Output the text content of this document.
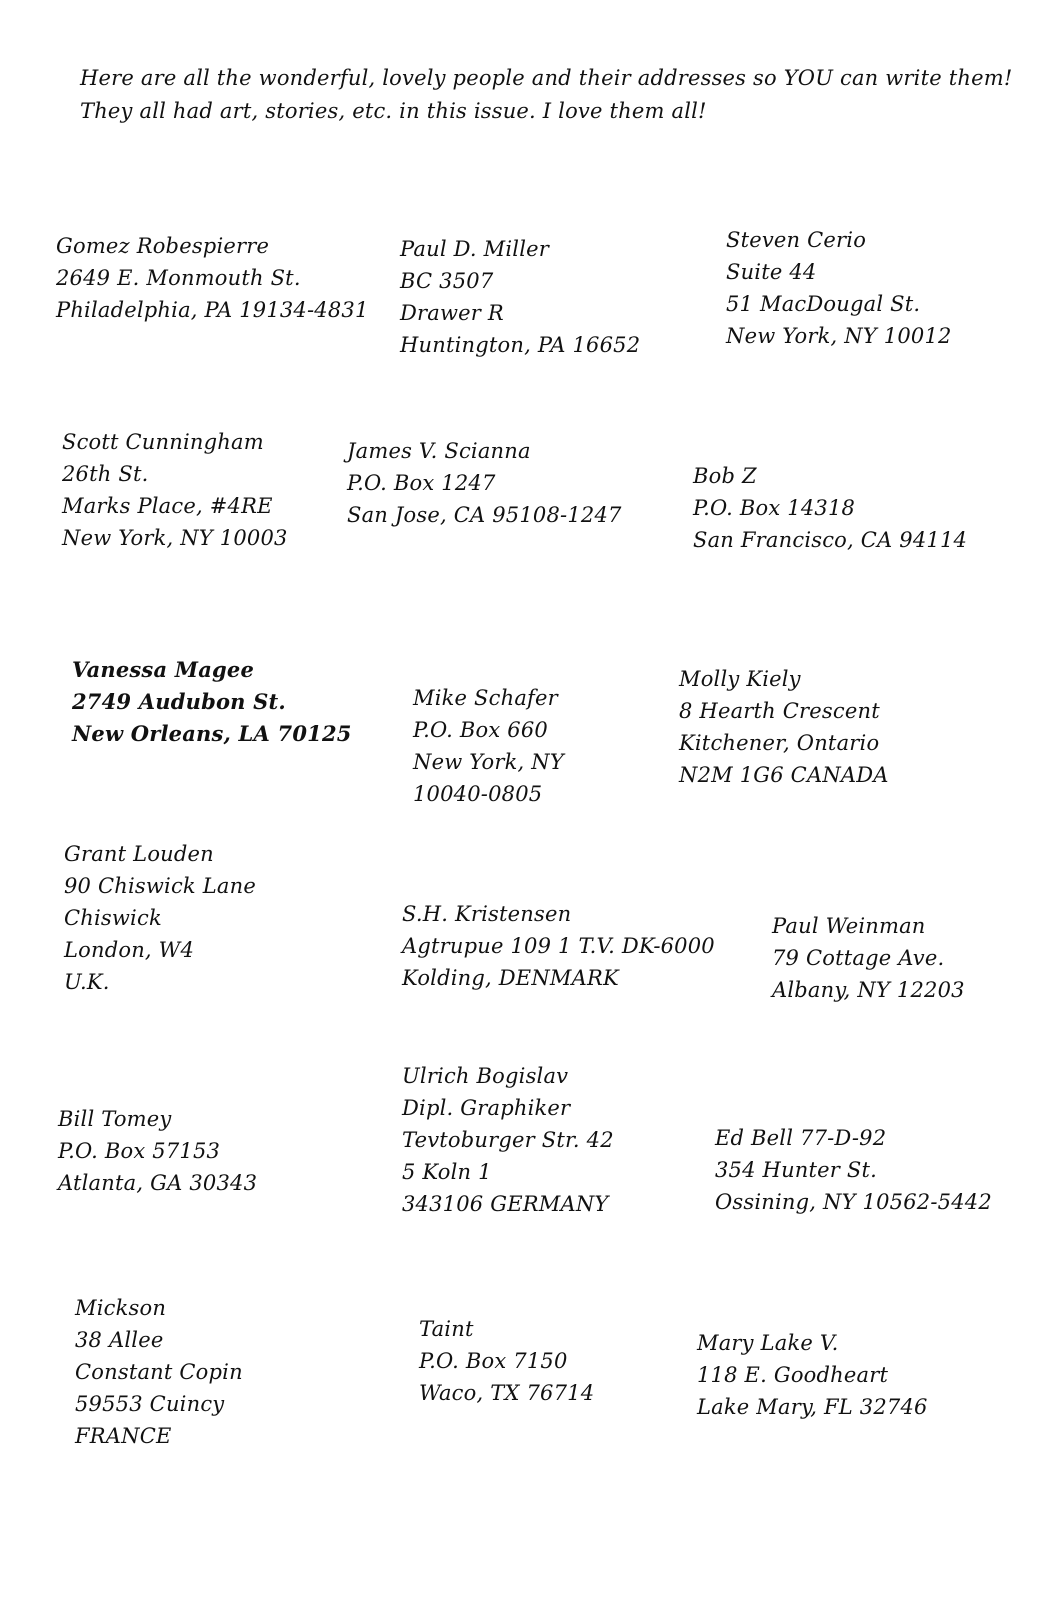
Here are all the wonderful, lovely people and their addresses so YOU can write them!
They all had art, stories, etc. in this issue. I love them all!
Gomez Robespierre
2649 E. Monmouth St.
Philadelphia, PA 19134-4831
Paul D. Miller
BC 3507
Drawer R
Huntington, PA 16652
Steven Cerio
Suite 44
51 MacDougal St.
New York, NY 10012
Scott Cunningham
26th St.
Marks Place, #4RE
New York, NY 10003
James V. Scianna
P.O. Box 1247
San Jose, CA 95108-1247
Bob Z
P.O. Box 14318
San Francisco, CA 94114
Vanessa Magee
2749 Audubon St.
New Orleans, LA 70125
Mike Schafer
P.O. Box 660
New York, NY
10040-0805
Molly Kiely
8 Hearth Crescent
Kitchener, Ontario
N2M 1G6 CANADA
Grant Louden
90 Chiswick Lane
Chiswick
London, W4
U.K.
S.H. Kristensen
Agtrupue 109 1 T.V. DK-6000
Kolding, DENMARK
Paul Weinman
79 Cottage Ave.
Albany, NY 12203
Bill Tomey
P.O. Box 57153
Atlanta, GA 30343
Ulrich Bogislav
Dipl. Graphiker
Tevtoburger Str. 42
5 Koln 1
343106 GERMANY
Ed Bell 77-D-92
354 Hunter St.
Ossining, NY 10562-5442
Mickson
38 Allee
Constant Copin
59553 Cuincy
FRANCE
Taint
P.O. Box 7150
Waco, TX 76714
Mary Lake V.
118 E. Goodheart
Lake Mary, FL 32746
